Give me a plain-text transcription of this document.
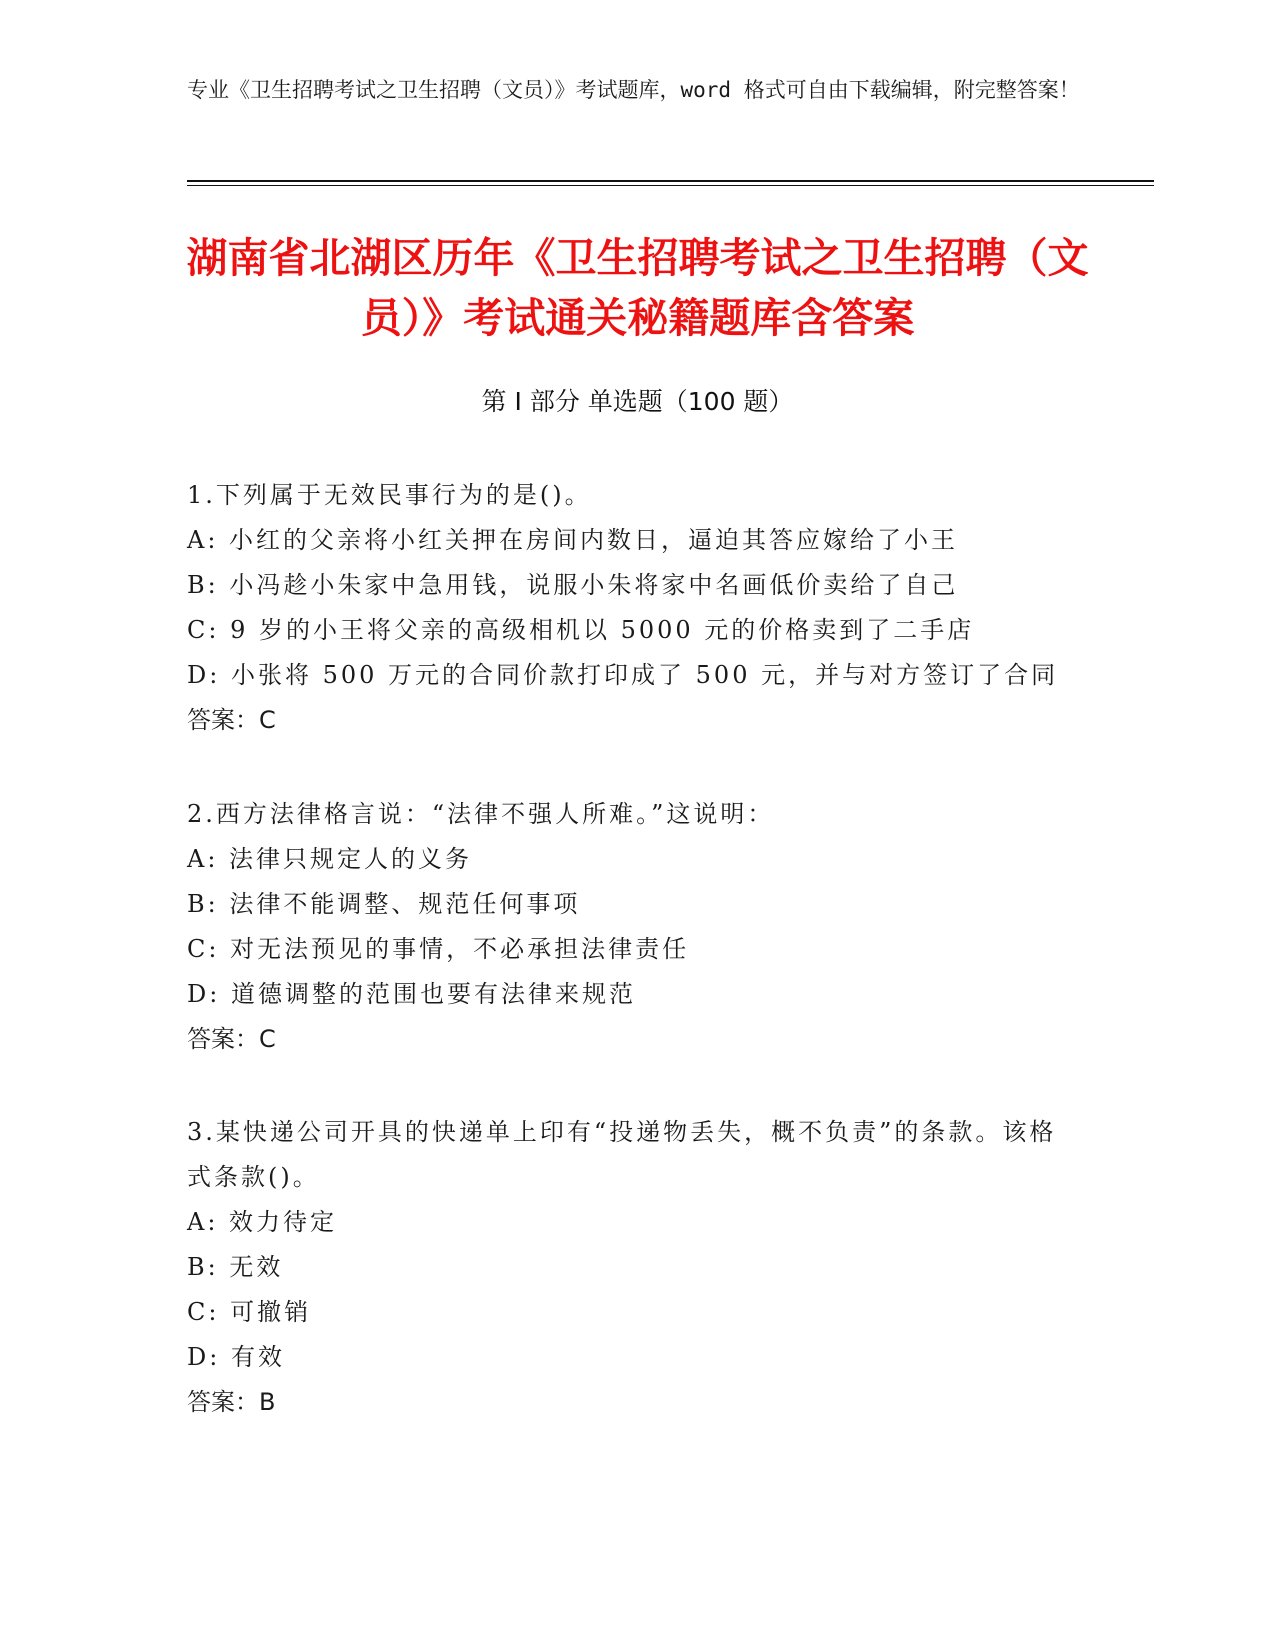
专业《卫生招聘考试之卫生招聘（文员）》考试题库，word 格式可自由下载编辑，附完整答案！
湖南省北湖区历年《卫生招聘考试之卫生招聘（文员）》考试通关秘籍题库含答案
第 I 部分 单选题（100 题）
1.下列属于无效民事行为的是()。
A: 小红的父亲将小红关押在房间内数日，逼迫其答应嫁给了小王
B: 小冯趁小朱家中急用钱，说服小朱将家中名画低价卖给了自己
C: 9 岁的小王将父亲的高级相机以 5000 元的价格卖到了二手店
D: 小张将 500 万元的合同价款打印成了 500 元，并与对方签订了合同
答案：C
2.西方法律格言说：“法律不强人所难。”这说明：
A: 法律只规定人的义务
B: 法律不能调整、规范任何事项
C: 对无法预见的事情，不必承担法律责任
D: 道德调整的范围也要有法律来规范
答案：C
3.某快递公司开具的快递单上印有“投递物丢失，概不负责”的条款。该格式条款()。
A: 效力待定
B: 无效
C: 可撤销
D: 有效
答案：B
